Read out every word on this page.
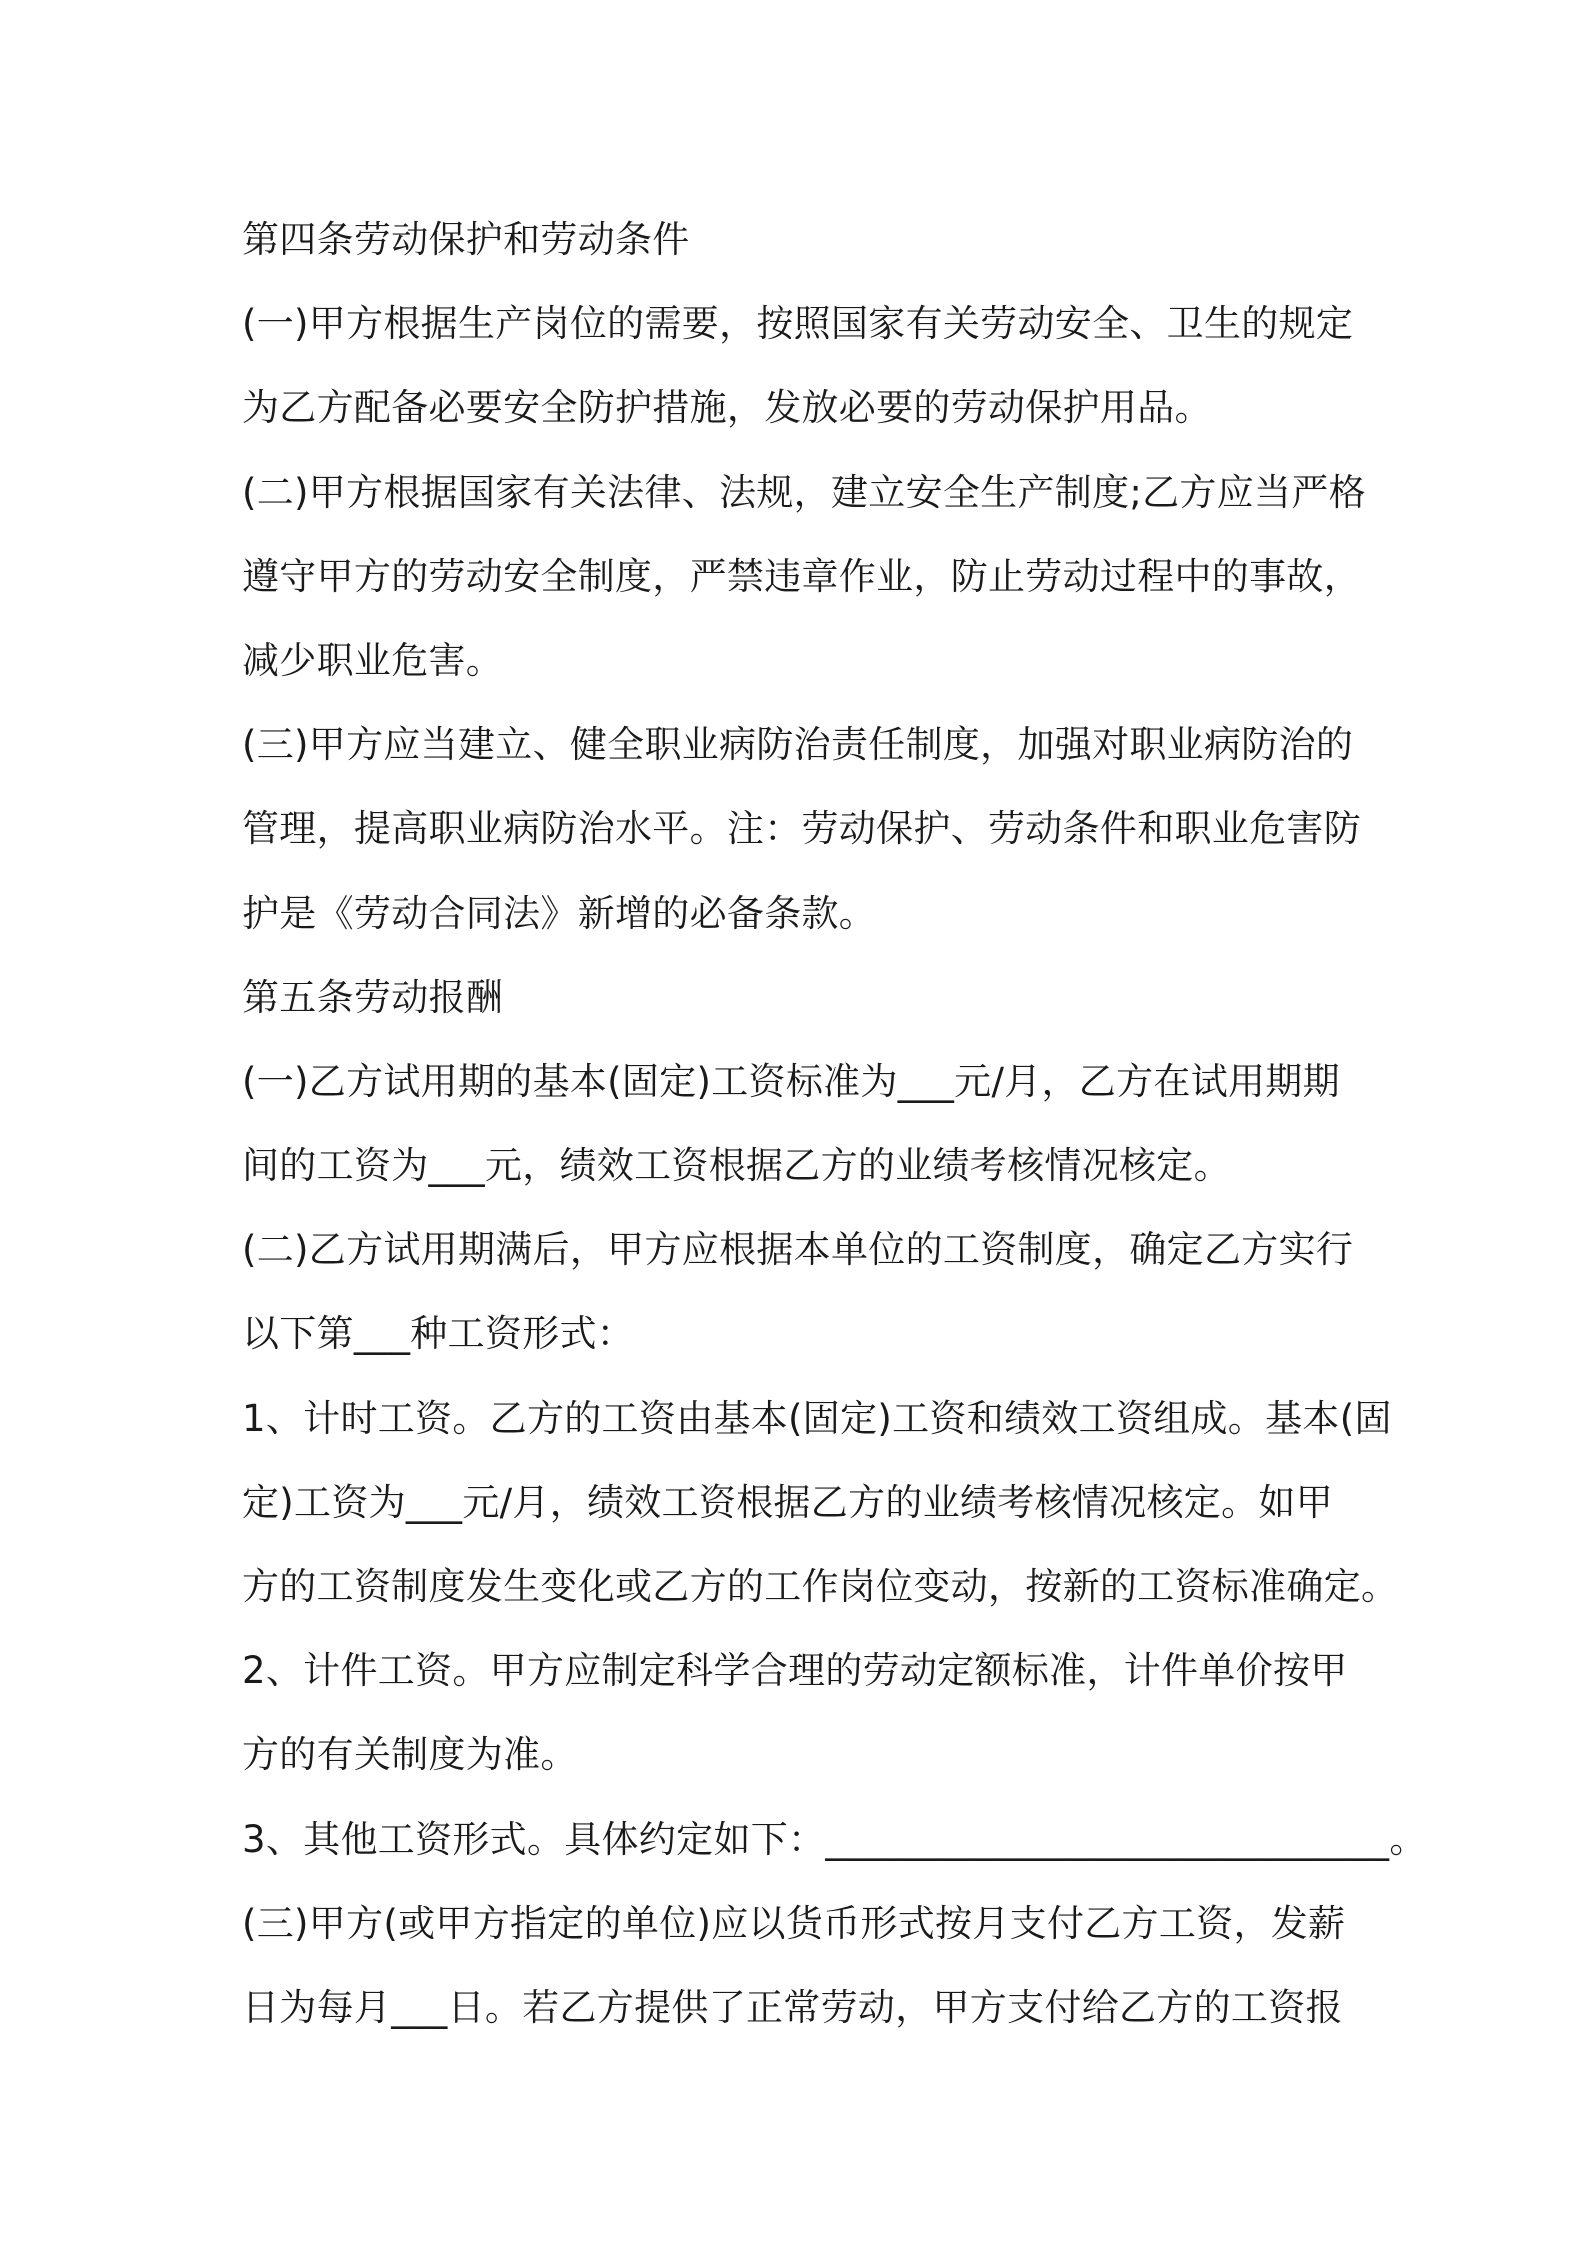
第四条劳动保护和劳动条件
(一)甲方根据生产岗位的需要，按照国家有关劳动安全、卫生的规定
为乙方配备必要安全防护措施，发放必要的劳动保护用品。
(二)甲方根据国家有关法律、法规，建立安全生产制度;乙方应当严格
遵守甲方的劳动安全制度，严禁违章作业，防止劳动过程中的事故，
减少职业危害。
(三)甲方应当建立、健全职业病防治责任制度，加强对职业病防治的
管理，提高职业病防治水平。注：劳动保护、劳动条件和职业危害防
护是《劳动合同法》新增的必备条款。
第五条劳动报酬
(一)乙方试用期的基本(固定)工资标准为___元/月，乙方在试用期期
间的工资为___元，绩效工资根据乙方的业绩考核情况核定。
(二)乙方试用期满后，甲方应根据本单位的工资制度，确定乙方实行
以下第___种工资形式：
1、计时工资。乙方的工资由基本(固定)工资和绩效工资组成。基本(固
定)工资为___元/月，绩效工资根据乙方的业绩考核情况核定。如甲
方的工资制度发生变化或乙方的工作岗位变动，按新的工资标准确定。
2、计件工资。甲方应制定科学合理的劳动定额标准，计件单价按甲
方的有关制度为准。
3、其他工资形式。具体约定如下：______________________________。
(三)甲方(或甲方指定的单位)应以货币形式按月支付乙方工资，发薪
日为每月___日。若乙方提供了正常劳动，甲方支付给乙方的工资报
